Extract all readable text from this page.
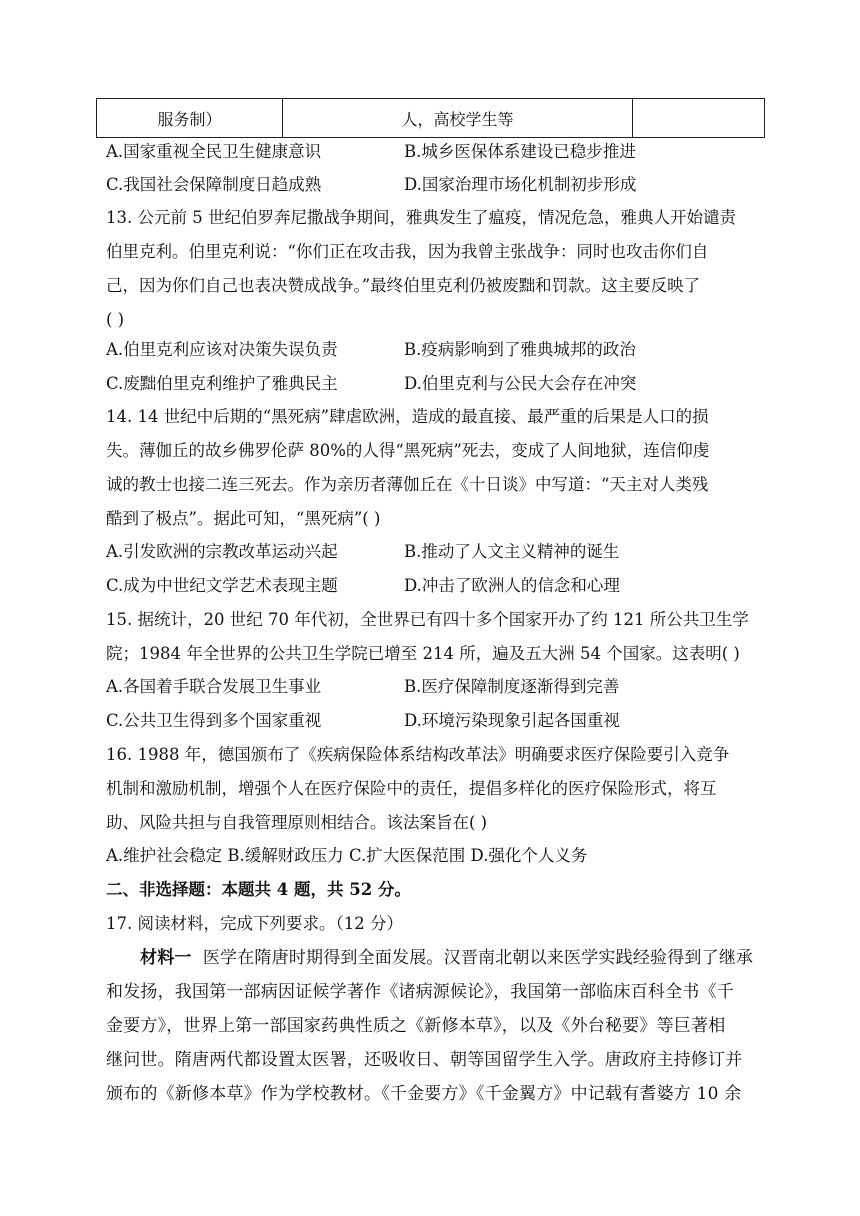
服务制）	人，高校学生等	
A.国家重视全民卫生健康意识	B.城乡医保体系建设已稳步推进
C.我国社会保障制度日趋成熟	D.国家治理市场化机制初步形成
13. 公元前 5 世纪伯罗奔尼撒战争期间，雅典发生了瘟疫，情况危急，雅典人开始谴责
伯里克利。伯里克利说：“你们正在攻击我，因为我曾主张战争：同时也攻击你们自
己，因为你们自己也表决赞成战争。”最终伯里克利仍被废黜和罚款。这主要反映了
( )
A.伯里克利应该对决策失误负责	B.疫病影响到了雅典城邦的政治
C.废黜伯里克利维护了雅典民主	D.伯里克利与公民大会存在冲突
14. 14 世纪中后期的“黑死病”肆虐欧洲，造成的最直接、最严重的后果是人口的损
失。薄伽丘的故乡佛罗伦萨 80%的人得“黑死病”死去，变成了人间地狱，连信仰虔
诚的教士也接二连三死去。作为亲历者薄伽丘在《十日谈》中写道：“天主对人类残
酷到了极点”。据此可知，“黑死病”( )
A.引发欧洲的宗教改革运动兴起	B.推动了人文主义精神的诞生
C.成为中世纪文学艺术表现主题	D.冲击了欧洲人的信念和心理
15. 据统计，20 世纪 70 年代初，全世界已有四十多个国家开办了约 121 所公共卫生学
院；1984 年全世界的公共卫生学院已增至 214 所，遍及五大洲 54 个国家。这表明( )
A.各国着手联合发展卫生事业	B.医疗保障制度逐渐得到完善
C.公共卫生得到多个国家重视	D.环境污染现象引起各国重视
16. 1988 年，德国颁布了《疾病保险体系结构改革法》明确要求医疗保险要引入竞争
机制和激励机制，增强个人在医疗保险中的责任，提倡多样化的医疗保险形式，将互
助、风险共担与自我管理原则相结合。该法案旨在( )
A.维护社会稳定 B.缓解财政压力 C.扩大医保范围 D.强化个人义务
二、非选择题：本题共 4 题，共 52 分。
17. 阅读材料，完成下列要求。（12 分）
材料一 医学在隋唐时期得到全面发展。汉晋南北朝以来医学实践经验得到了继承
和发扬，我国第一部病因证候学著作《诸病源候论》，我国第一部临床百科全书《千
金要方》，世界上第一部国家药典性质之《新修本草》，以及《外台秘要》等巨著相
继问世。隋唐两代都设置太医署，还吸收日、朝等国留学生入学。唐政府主持修订并
颁布的《新修本草》作为学校教材。《千金要方》《千金翼方》中记载有耆婆方 10 余
